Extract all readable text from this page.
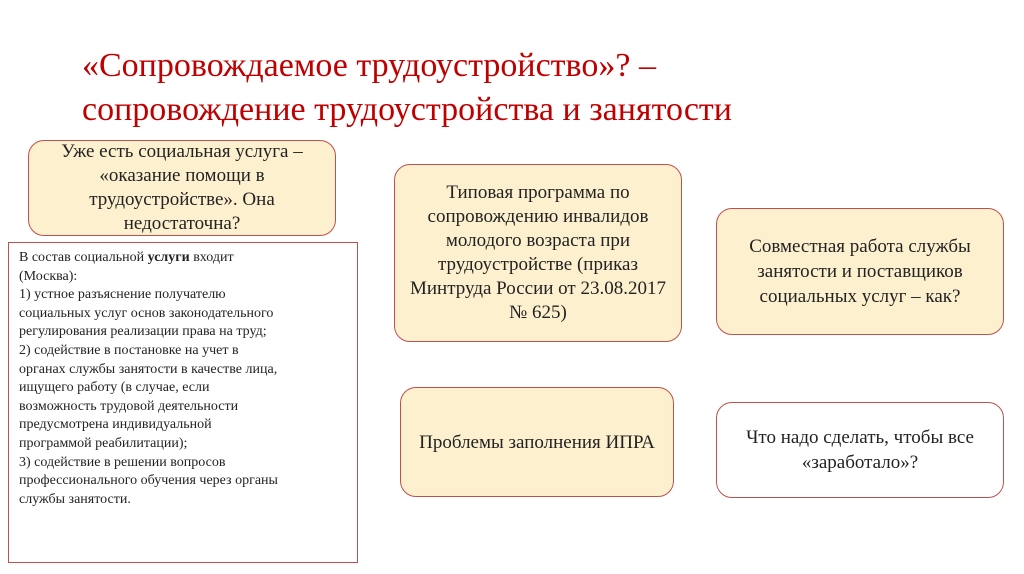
«Сопровождаемое трудоустройство»? –
сопровождение трудоустройства и занятости
Уже есть социальная услуга – «оказание помощи в трудоустройстве». Она недостаточна?
Типовая программа по сопровождению инвалидов молодого возраста при трудоустройстве (приказ Минтруда России от 23.08.2017 № 625)
Совместная работа службы занятости и поставщиков социальных услуг – как?
Проблемы заполнения ИПРА	Что надо сделать, чтобы все «заработало»?
В состав социальной услуги входит
(Москва):
1) устное разъяснение получателю
социальных услуг основ законодательного
регулирования реализации права на труд;
2) содействие в постановке на учет в
органах службы занятости в качестве лица,
ищущего работу (в случае, если
возможность трудовой деятельности
предусмотрена индивидуальной
программой реабилитации);
3) содействие в решении вопросов
профессионального обучения через органы
службы занятости.
